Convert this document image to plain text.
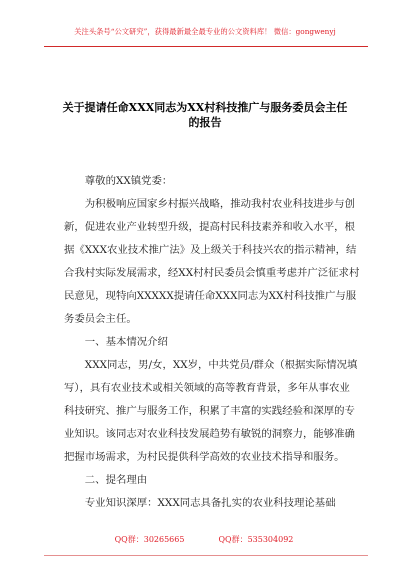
关注头条号“公文研究”，获得最新最全最专业的公文资料库！ 微信：gongwenyj
关于提请任命XXX同志为XX村科技推广与服务委员会主任
的报告

尊敬的XX镇党委：

为积极响应国家乡村振兴战略，推动我村农业科技进步与创新，促进农业产业转型升级，提高村民科技素养和收入水平，根据《XXX农业技术推广法》及上级关于科技兴农的指示精神，结合我村实际发展需求，经XX村村民委员会慎重考虑并广泛征求村民意见，现特向XXXXX提请任命XXX同志为XX村科技推广与服务委员会主任。

一、基本情况介绍

XXX同志，男/女，XX岁，中共党员/群众（根据实际情况填写），具有农业技术或相关领域的高等教育背景，多年从事农业科技研究、推广与服务工作，积累了丰富的实践经验和深厚的专业知识。该同志对农业科技发展趋势有敏锐的洞察力，能够准确把握市场需求，为村民提供科学高效的农业技术指导和服务。

二、提名理由

专业知识深厚：XXX同志具备扎实的农业科技理论基础

QQ群：30265665	QQ群：535304092
